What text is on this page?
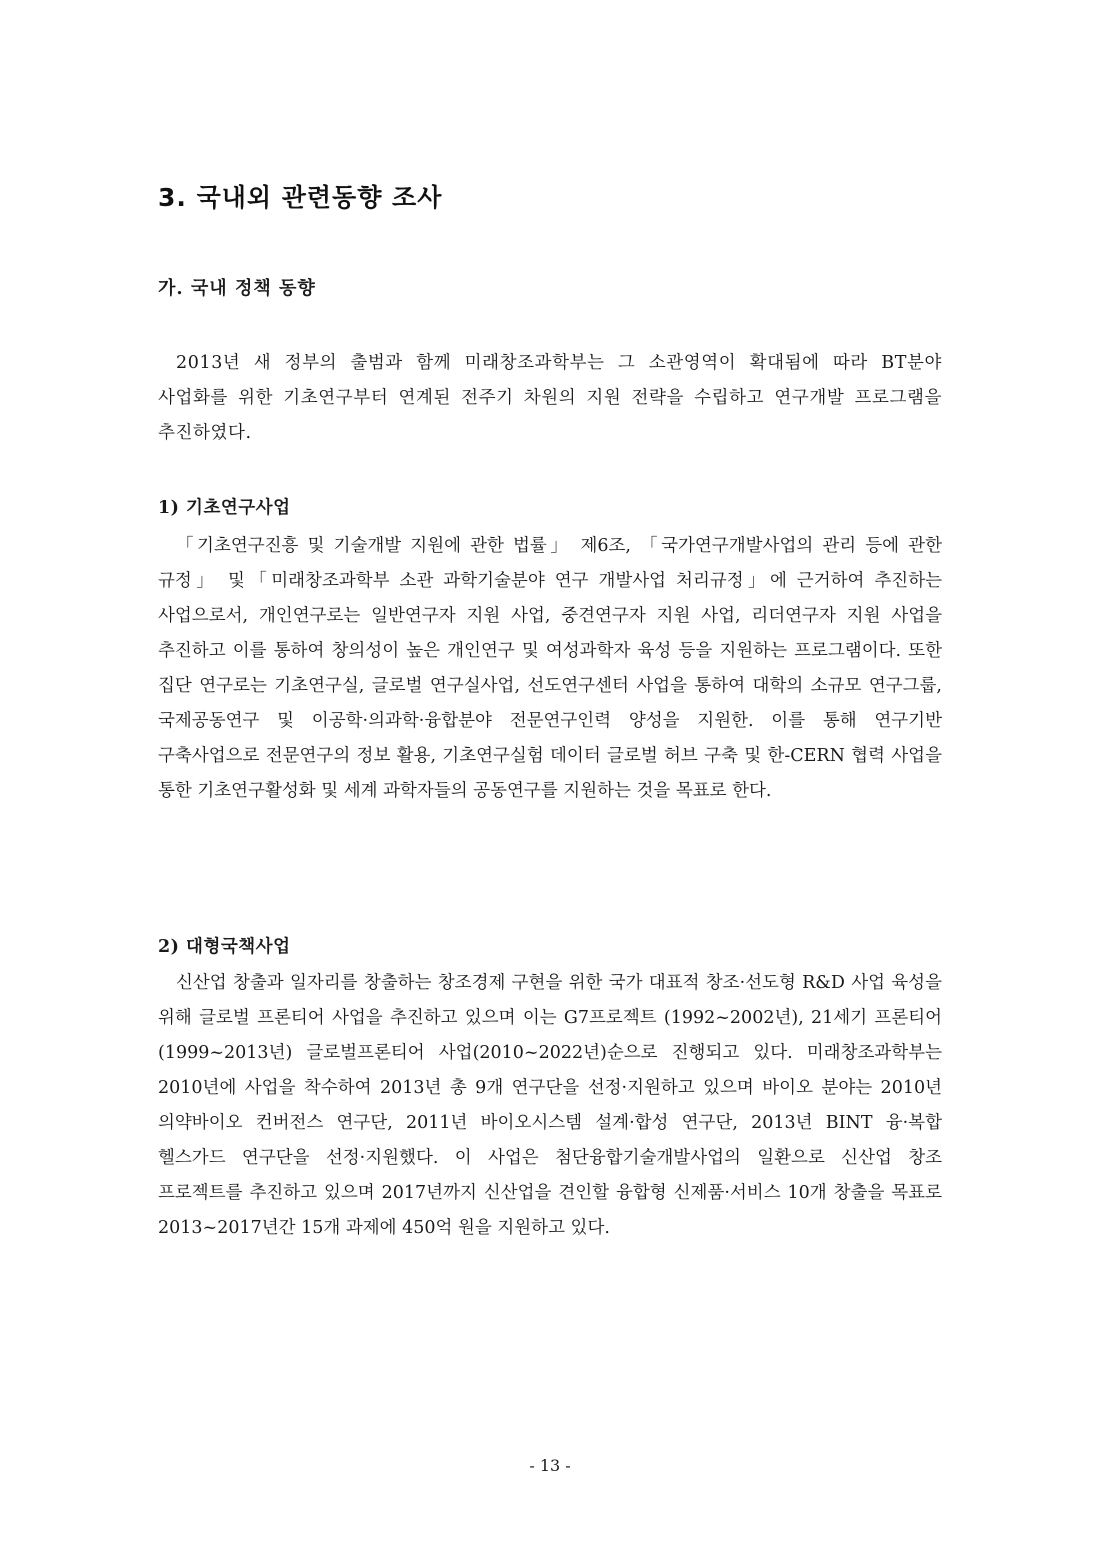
3. 국내외 관련동향 조사
가. 국내 정책 동향

2013년 새 정부의 출범과 함께 미래창조과학부는 그 소관영역이 확대됨에 따라 BT분야 사업화를 위한 기초연구부터 연계된 전주기 차원의 지원 전략을 수립하고 연구개발 프로그램을 추진하였다.

1) 기초연구사업

「기초연구진흥 및 기술개발 지원에 관한 법률」 제6조, 「국가연구개발사업의 관리 등에 관한 규정」 및「미래창조과학부 소관 과학기술분야 연구 개발사업 처리규정」에 근거하여 추진하는 사업으로서, 개인연구로는 일반연구자 지원 사업, 중견연구자 지원 사업, 리더연구자 지원 사업을 추진하고 이를 통하여 창의성이 높은 개인연구 및 여성과학자 육성 등을 지원하는 프로그램이다. 또한 집단 연구로는 기초연구실, 글로벌 연구실사업, 선도연구센터 사업을 통하여 대학의 소규모 연구그룹, 국제공동연구 및 이공학·의과학·융합분야 전문연구인력 양성을 지원한. 이를 통해 연구기반 구축사업으로 전문연구의 정보 활용, 기초연구실험 데이터 글로벌 허브 구축 및 한-CERN 협력 사업을 통한 기초연구활성화 및 세계 과학자들의 공동연구를 지원하는 것을 목표로 한다.

2) 대형국책사업

신산업 창출과 일자리를 창출하는 창조경제 구현을 위한 국가 대표적 창조·선도형 R&D 사업 육성을 위해 글로벌 프론티어 사업을 추진하고 있으며 이는 G7프로젝트 (1992~2002년), 21세기 프론티어(1999~2013년) 글로벌프론티어 사업(2010~2022년)순으로 진행되고 있다. 미래창조과학부는 2010년에 사업을 착수하여 2013년 총 9개 연구단을 선정·지원하고 있으며 바이오 분야는 2010년 의약바이오 컨버전스 연구단, 2011년 바이오시스템 설계·합성 연구단, 2013년 BINT 융·복합 헬스가드 연구단을 선정·지원했다. 이 사업은 첨단융합기술개발사업의 일환으로 신산업 창조 프로젝트를 추진하고 있으며 2017년까지 신산업을 견인할 융합형 신제품·서비스 10개 창출을 목표로 2013~2017년간 15개 과제에 450억 원을 지원하고 있다.

- 13 -
